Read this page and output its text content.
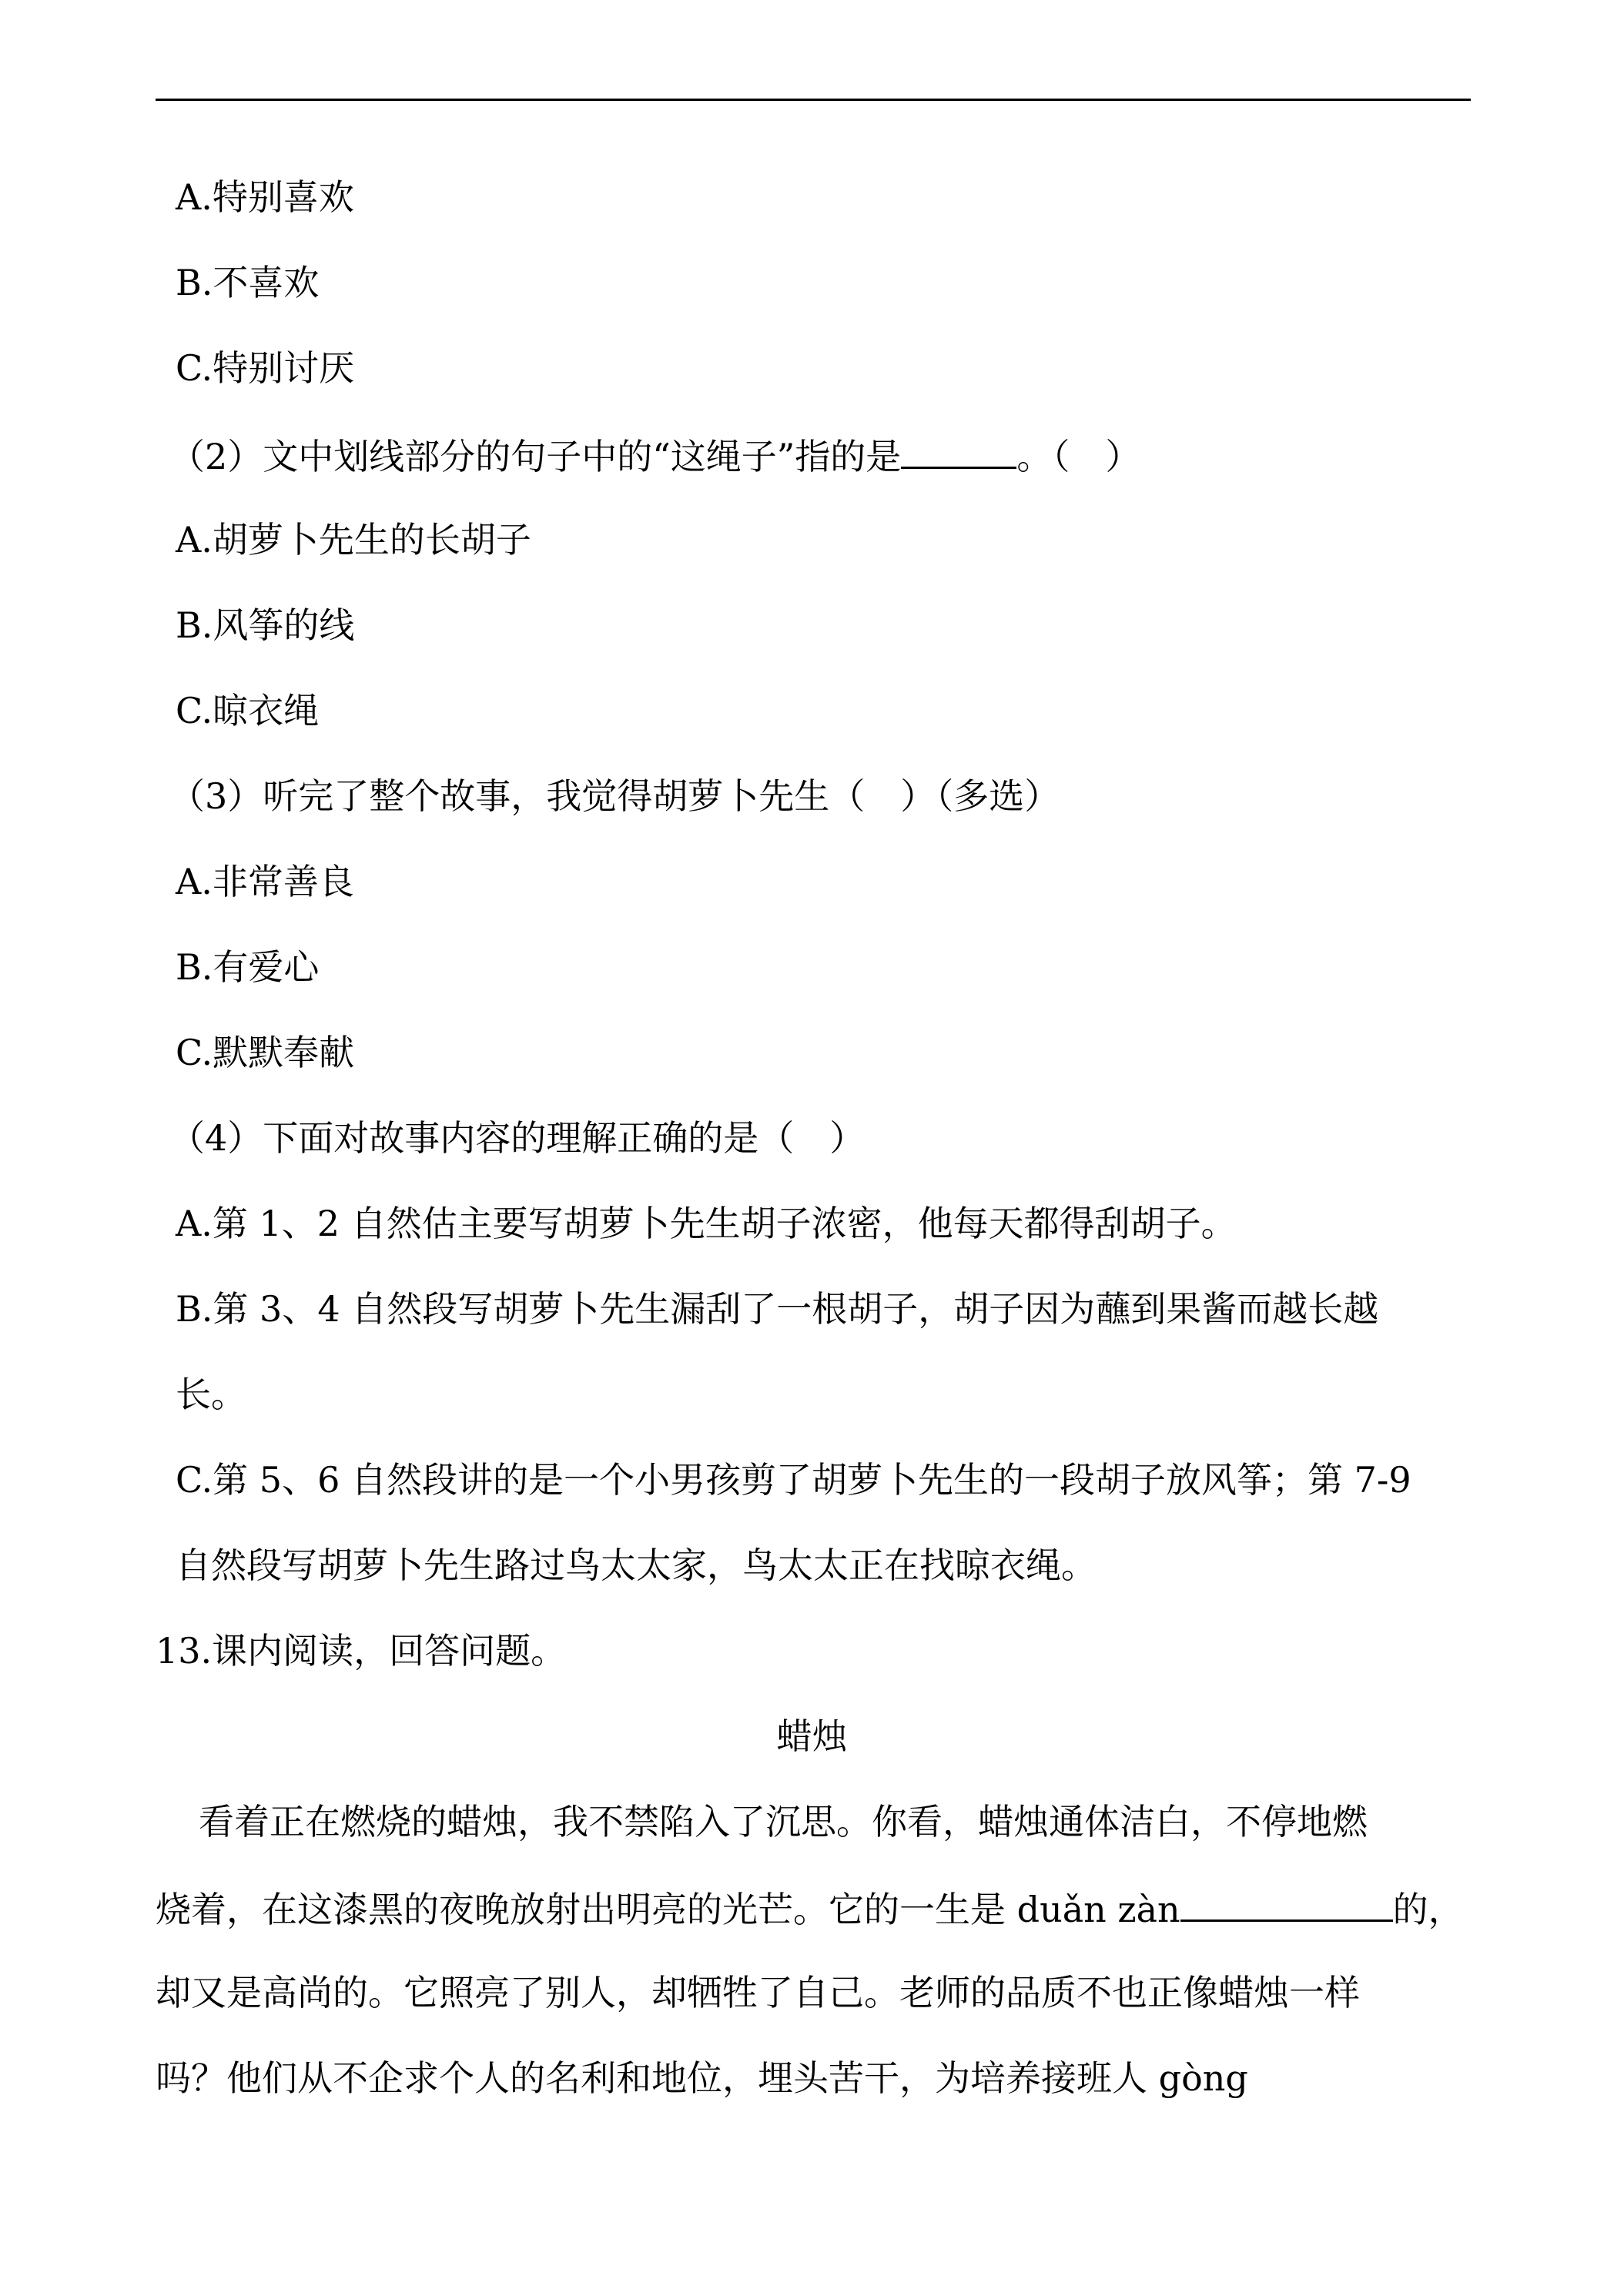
A.特别喜欢
B.不喜欢
C.特别讨厌
（2）文中划线部分的句子中的“这绳子”指的是	。（　）
A.胡萝卜先生的长胡子
B.风筝的线
C.晾衣绳
（3）听完了整个故事，我觉得胡萝卜先生（　）（多选）
A.非常善良
B.有爱心
C.默默奉献
（4）下面对故事内容的理解正确的是（　）
A.第 1、2 自然估主要写胡萝卜先生胡子浓密，他每天都得刮胡子。
B.第 3、4 自然段写胡萝卜先生漏刮了一根胡子，胡子因为蘸到果酱而越长越
长。
C.第 5、6 自然段讲的是一个小男孩剪了胡萝卜先生的一段胡子放风筝；第 7-9
自然段写胡萝卜先生路过鸟太太家，鸟太太正在找晾衣绳。
13.课内阅读，回答问题。
蜡烛
看着正在燃烧的蜡烛，我不禁陷入了沉思。你看，蜡烛通体洁白，不停地燃
烧着，在这漆黑的夜晚放射出明亮的光芒。它的一生是 duǎn zàn	的，
却又是高尚的。它照亮了别人，却牺牲了自己。老师的品质不也正像蜡烛一样
吗？他们从不企求个人的名利和地位，埋头苦干，为培养接班人 gòng
